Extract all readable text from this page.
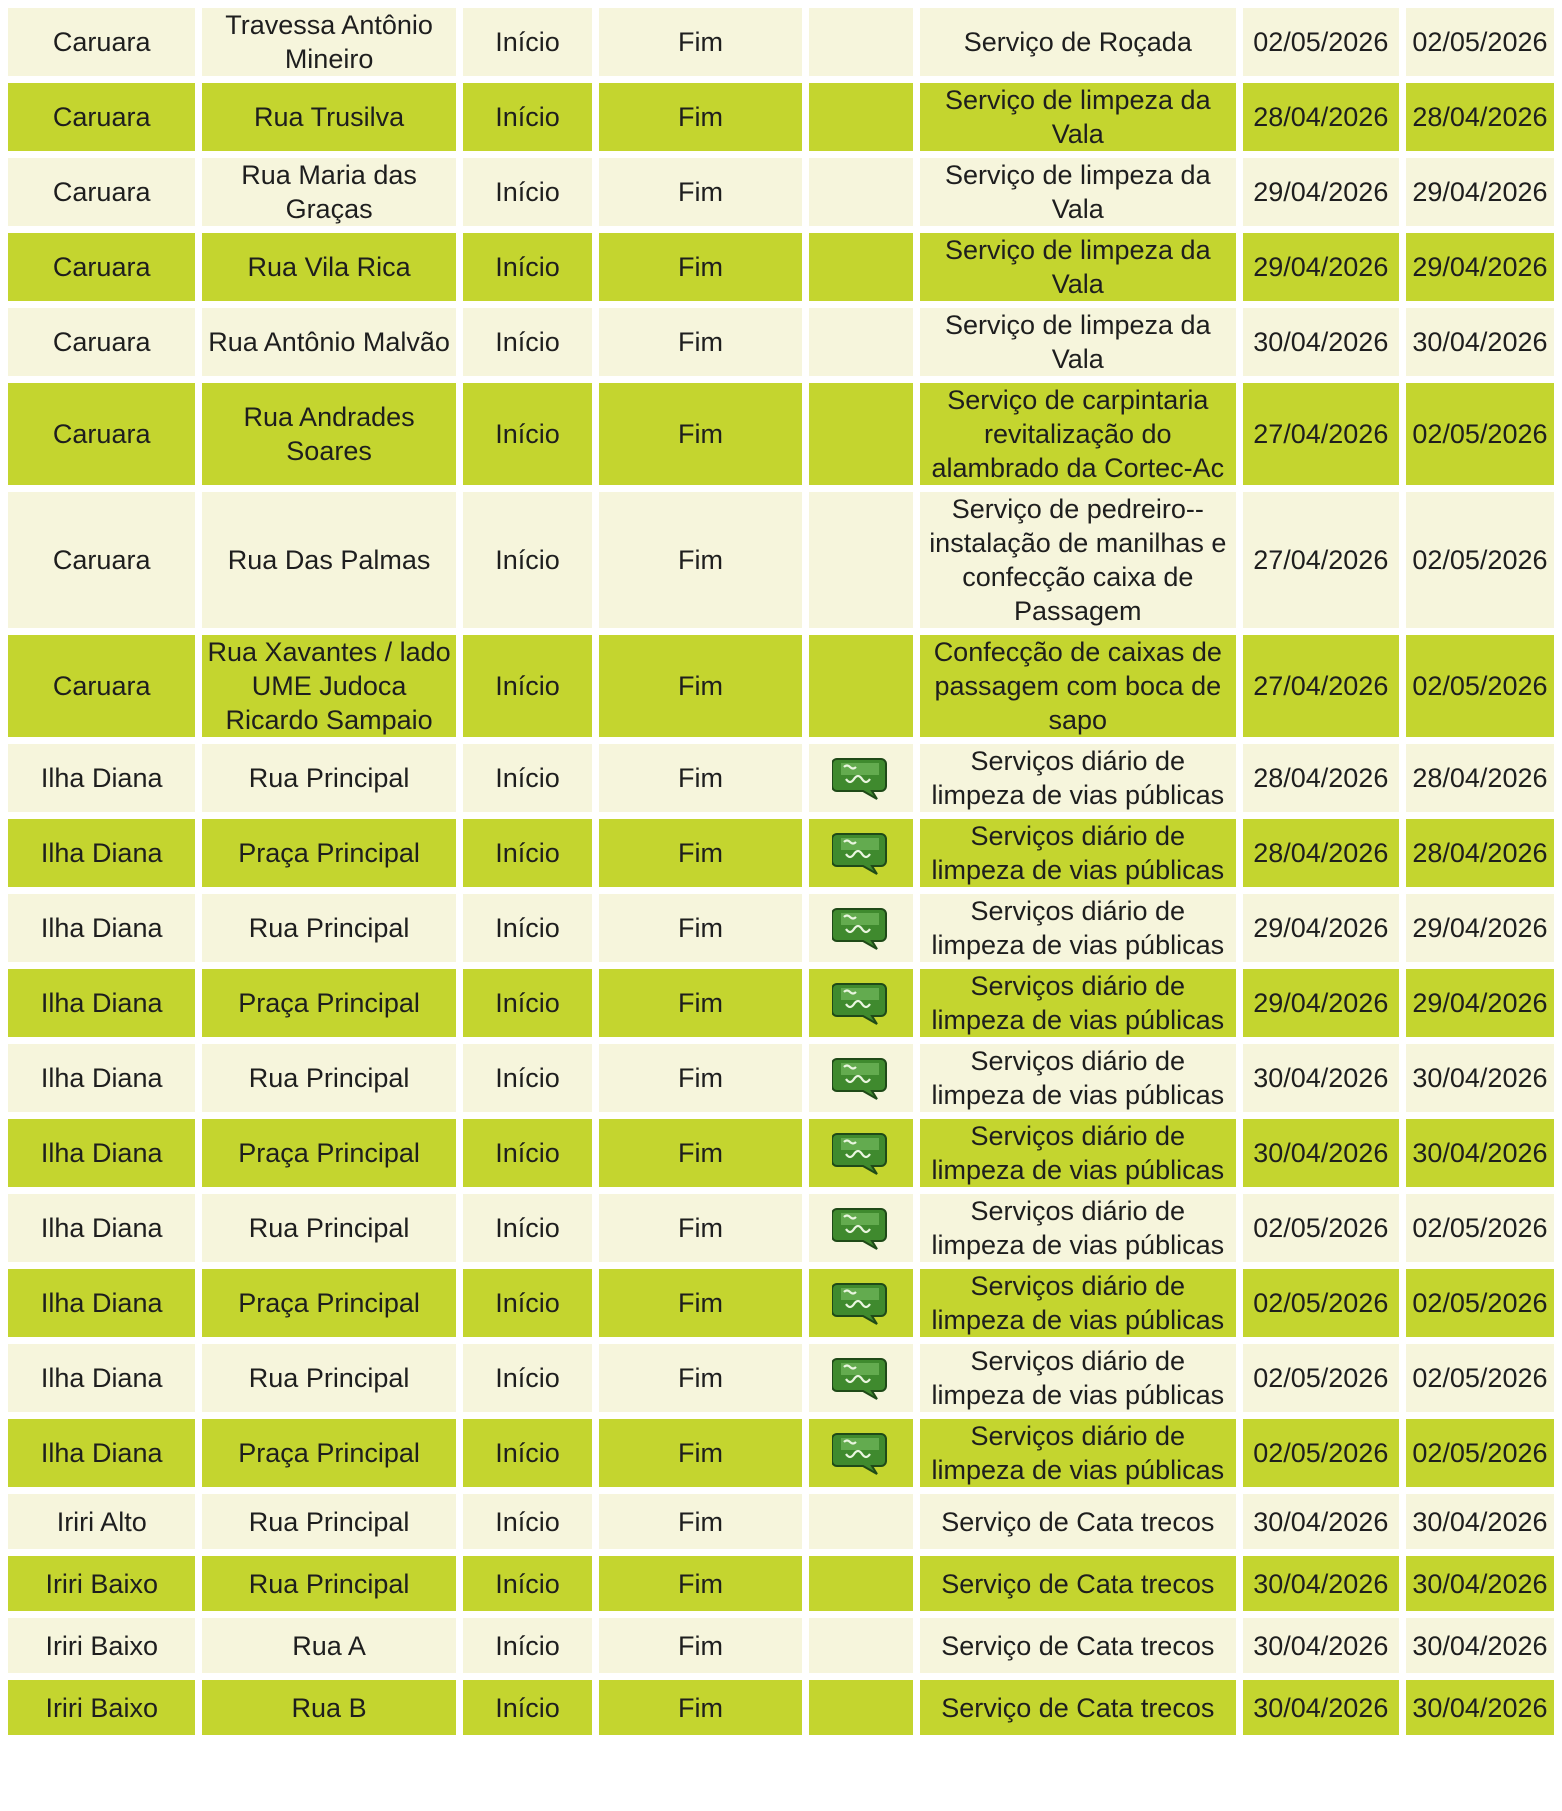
Caruara	Travessa Antônio Mineiro	Início	Fim		Serviço de Roçada	02/05/2026	02/05/2026
Caruara	Rua Trusilva	Início	Fim		Serviço de limpeza da Vala	28/04/2026	28/04/2026
Caruara	Rua Maria das Graças	Início	Fim		Serviço de limpeza da Vala	29/04/2026	29/04/2026
Caruara	Rua Vila Rica	Início	Fim		Serviço de limpeza da Vala	29/04/2026	29/04/2026
Caruara	Rua Antônio Malvão	Início	Fim		Serviço de limpeza da Vala	30/04/2026	30/04/2026
Caruara	Rua Andrades Soares	Início	Fim		Serviço de carpintaria revitalização do alambrado da Cortec-Ac	27/04/2026	02/05/2026
Caruara	Rua Das Palmas	Início	Fim		Serviço de pedreiro--instalação de manilhas e confecção caixa de Passagem	27/04/2026	02/05/2026
Caruara	Rua Xavantes / lado UME Judoca Ricardo Sampaio	Início	Fim		Confecção de caixas de passagem com boca de sapo	27/04/2026	02/05/2026
Ilha Diana	Rua Principal	Início	Fim		Serviços diário de limpeza de vias públicas	28/04/2026	28/04/2026
Ilha Diana	Praça Principal	Início	Fim		Serviços diário de limpeza de vias públicas	28/04/2026	28/04/2026
Ilha Diana	Rua Principal	Início	Fim		Serviços diário de limpeza de vias públicas	29/04/2026	29/04/2026
Ilha Diana	Praça Principal	Início	Fim		Serviços diário de limpeza de vias públicas	29/04/2026	29/04/2026
Ilha Diana	Rua Principal	Início	Fim		Serviços diário de limpeza de vias públicas	30/04/2026	30/04/2026
Ilha Diana	Praça Principal	Início	Fim		Serviços diário de limpeza de vias públicas	30/04/2026	30/04/2026
Ilha Diana	Rua Principal	Início	Fim		Serviços diário de limpeza de vias públicas	02/05/2026	02/05/2026
Ilha Diana	Praça Principal	Início	Fim		Serviços diário de limpeza de vias públicas	02/05/2026	02/05/2026
Ilha Diana	Rua Principal	Início	Fim		Serviços diário de limpeza de vias públicas	02/05/2026	02/05/2026
Ilha Diana	Praça Principal	Início	Fim		Serviços diário de limpeza de vias públicas	02/05/2026	02/05/2026
Iriri Alto	Rua Principal	Início	Fim		Serviço de Cata trecos	30/04/2026	30/04/2026
Iriri Baixo	Rua Principal	Início	Fim		Serviço de Cata trecos	30/04/2026	30/04/2026
Iriri Baixo	Rua A	Início	Fim		Serviço de Cata trecos	30/04/2026	30/04/2026
Iriri Baixo	Rua B	Início	Fim		Serviço de Cata trecos	30/04/2026	30/04/2026
